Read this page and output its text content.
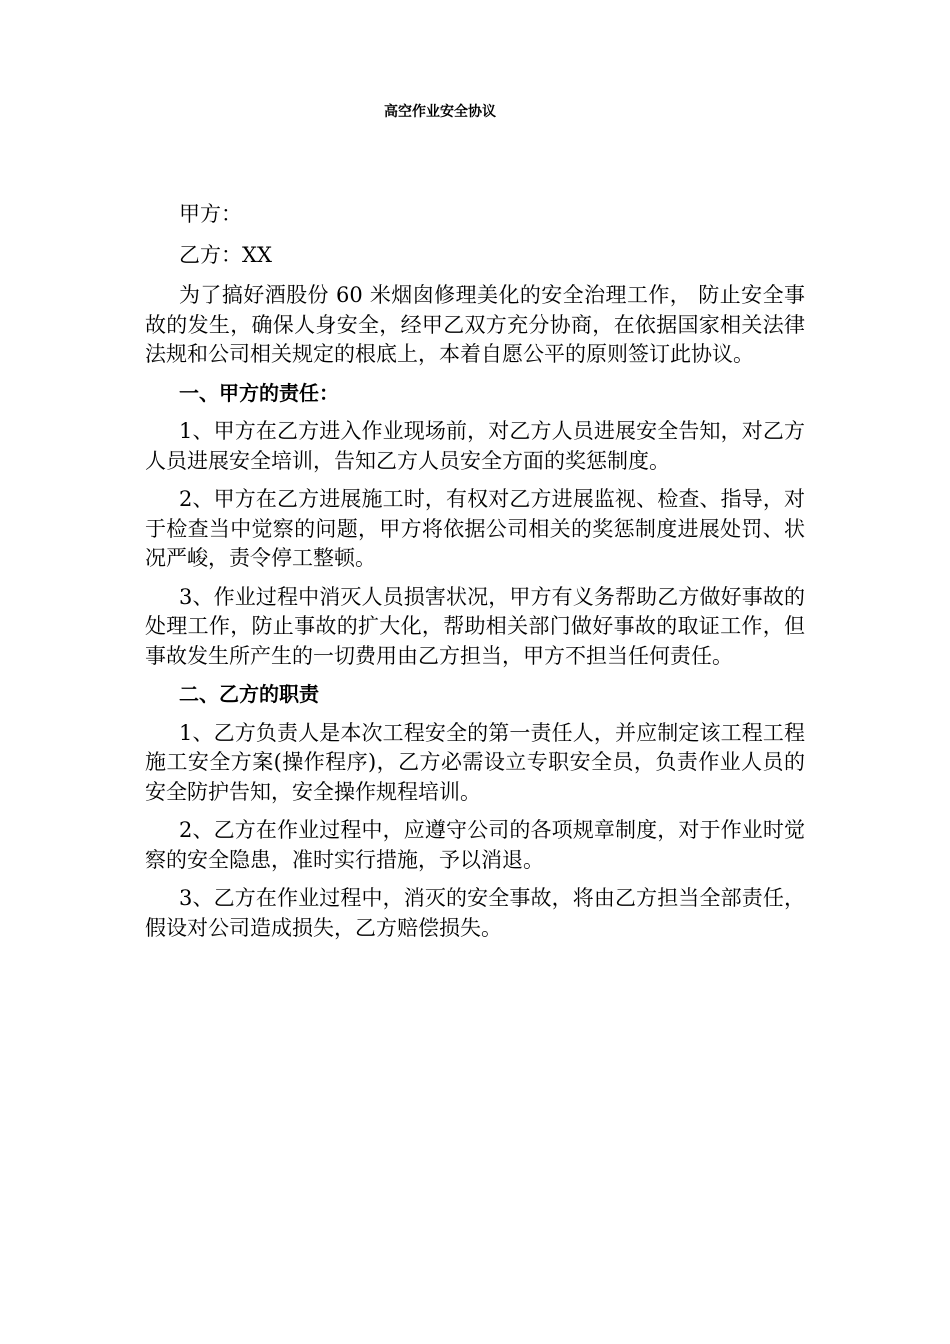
高空作业安全协议

甲方：

乙方：XX

为了搞好酒股份 60 米烟囱修理美化的安全治理工作， 防止安全事故的发生，确保人身安全，经甲乙双方充分协商，在依据国家相关法律法规和公司相关规定的根底上，本着自愿公平的原则签订此协议。

一、甲方的责任：

1、甲方在乙方进入作业现场前，对乙方人员进展安全告知，对乙方人员进展安全培训，告知乙方人员安全方面的奖惩制度。

2、甲方在乙方进展施工时，有权对乙方进展监视、检查、指导，对于检查当中觉察的问题，甲方将依据公司相关的奖惩制度进展处罚、状况严峻，责令停工整顿。

3、作业过程中消灭人员损害状况，甲方有义务帮助乙方做好事故的处理工作，防止事故的扩大化，帮助相关部门做好事故的取证工作，但事故发生所产生的一切费用由乙方担当，甲方不担当任何责任。

二、乙方的职责

1、乙方负责人是本次工程安全的第一责任人，并应制定该工程工程施工安全方案(操作程序)，乙方必需设立专职安全员，负责作业人员的安全防护告知，安全操作规程培训。

2、乙方在作业过程中，应遵守公司的各项规章制度，对于作业时觉察的安全隐患，准时实行措施，予以消退。

3、乙方在作业过程中，消灭的安全事故，将由乙方担当全部责任，假设对公司造成损失，乙方赔偿损失。
